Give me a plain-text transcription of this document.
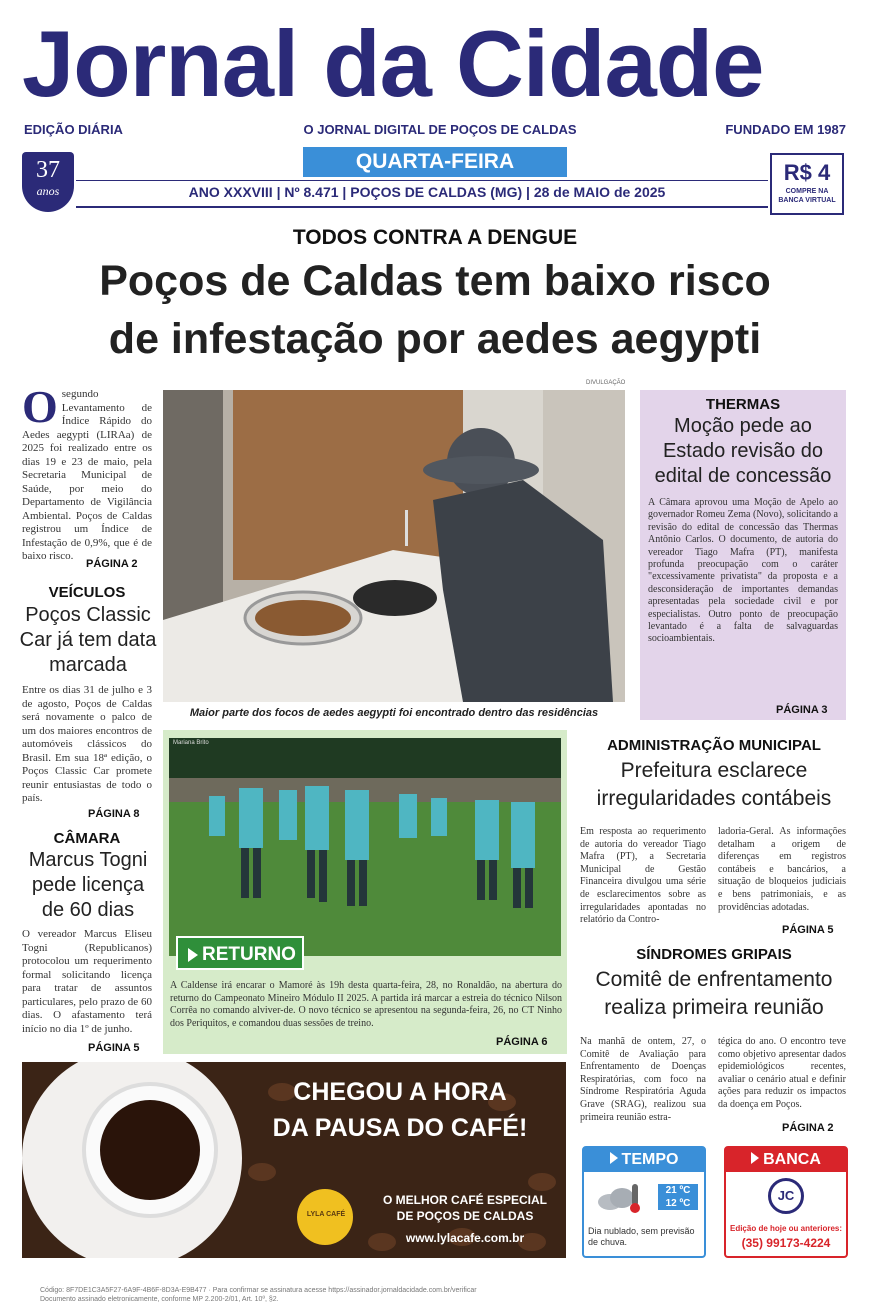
Jornal da Cidade
EDIÇÃO DIÁRIA	O JORNAL DIGITAL DE POÇOS DE CALDAS	FUNDADO EM 1987
QUARTA-FEIRA
ANO XXXVIII | Nº 8.471 | POÇOS DE CALDAS (MG) | 28 de MAIO de 2025
37
anos
R$ 4
COMPRE NA BANCA VIRTUAL
TODOS CONTRA A DENGUE
Poços de Caldas tem baixo risco
de infestação por aedes aegypti
O segundo Levantamento de Índice Rápido do Aedes aegypti (LIRAa) de 2025 foi realizado entre os dias 19 e 23 de maio, pela Secretaria Municipal de Saúde, por meio do Departamento de Vigilância Ambiental. Poços de Caldas registrou um Índice de Infestação de 0,9%, que é de baixo risco.
PÁGINA 2
VEÍCULOS
Poços Classic Car já tem data marcada
Entre os dias 31 de julho e 3 de agosto, Poços de Caldas será novamente o palco de um dos maiores encontros de automóveis clássicos do Brasil. Em sua 18ª edição, o Poços Classic Car promete reunir entusiastas de todo o país.
PÁGINA 8
CÂMARA
Marcus Togni pede licença de 60 dias
O vereador Marcus Eliseu Togni (Republicanos) protocolou um requerimento formal solicitando licença para tratar de assuntos particulares, pelo prazo de 60 dias. O afastamento terá início no dia 1º de junho.
PÁGINA 5
DIVULGAÇÃO
Maior parte dos focos de aedes aegypti foi encontrado dentro das residências
THERMAS
Moção pede ao Estado revisão do edital de concessão
A Câmara aprovou uma Moção de Apelo ao governador Romeu Zema (Novo), solicitando a revisão do edital de concessão das Thermas Antônio Carlos. O documento, de autoria do vereador Tiago Mafra (PT), manifesta profunda preocupação com o caráter "excessivamente privatista" da proposta e a desconsideração de importantes demandas apresentadas pela sociedade civil e por especialistas. Outro ponto de preocupação levantado é a falta de salvaguardas socioambientais.
PÁGINA 3
Mariana Brito
RETURNO
A Caldense irá encarar o Mamoré às 19h desta quarta-feira, 28, no Ronaldão, na abertura do returno do Campeonato Mineiro Módulo II 2025. A partida irá marcar a estreia do técnico Nilson Corrêa no comando alviver-de. O novo técnico se apresentou na segunda-feira, 26, no CT Ninho dos Periquitos, e comandou duas sessões de treino.
PÁGINA 6
ADMINISTRAÇÃO MUNICIPAL
Prefeitura esclarece irregularidades contábeis
Em resposta ao requerimento de autoria do vereador Tiago Mafra (PT), a Secretaria Municipal de Gestão Financeira divulgou uma série de esclarecimentos sobre as irregularidades apontadas no relatório da Contro-
ladoria-Geral. As informações detalham a origem de diferenças em registros contábeis e bancários, a situação de bloqueios judiciais e bens patrimoniais, e as providências adotadas.
PÁGINA 5
SÍNDROMES GRIPAIS
Comitê de enfrentamento realiza primeira reunião
Na manhã de ontem, 27, o Comitê de Avaliação para Enfrentamento de Doenças Respiratórias, com foco na Síndrome Respiratória Aguda Grave (SRAG), realizou sua primeira reunião estra-
tégica do ano. O encontro teve como objetivo apresentar dados epidemiológicos recentes, avaliar o cenário atual e definir ações para reduzir os impactos da doença em Poços.
PÁGINA 2
CHEGOU A HORA
DA PAUSA DO CAFÉ!
LYLA CAFÉ
O MELHOR CAFÉ ESPECIAL
DE POÇOS DE CALDAS
www.lylacafe.com.br
TEMPO
21 ºC
12 ºC
Dia nublado, sem previsão de chuva.
BANCA
JC
Edição de hoje ou anteriores:
(35) 99173-4224
Código: 8F7DE1C3A5F27-6A9F-4B6F-8D3A-E9B477 · Para confirmar se assinatura acesse https://assinador.jornaldacidade.com.br/verificar
Documento assinado eletronicamente, conforme MP 2.200-2/01, Art. 10º, §2.
